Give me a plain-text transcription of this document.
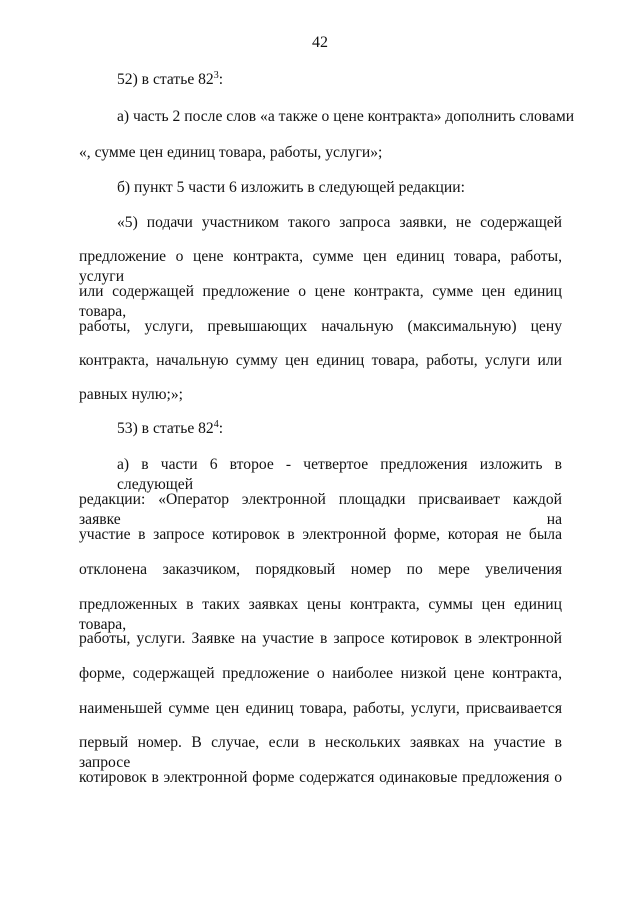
42
52) в статье $82^3$:
а) часть 2 после слов «а также о цене контракта» дополнить словами
«, сумме цен единиц товара, работы, услуги»;
б) пункт 5 части 6 изложить в следующей редакции:
«5) подачи участником такого запроса заявки, не содержащей
предложение о цене контракта, сумме цен единиц товара, работы, услуги
или содержащей предложение о цене контракта, сумме цен единиц товара,
работы, услуги, превышающих начальную (максимальную) цену
контракта, начальную сумму цен единиц товара, работы, услуги или
равных нулю;»;
53) в статье $82^4$:
а) в части 6 второе - четвертое предложения изложить в следующей
редакции: «Оператор электронной площадки присваивает каждой заявке на
участие в запросе котировок в электронной форме, которая не была
отклонена заказчиком, порядковый номер по мере увеличения
предложенных в таких заявках цены контракта, суммы цен единиц товара,
работы, услуги. Заявке на участие в запросе котировок в электронной
форме, содержащей предложение о наиболее низкой цене контракта,
наименьшей сумме цен единиц товара, работы, услуги, присваивается
первый номер. В случае, если в нескольких заявках на участие в запросе
котировок в электронной форме содержатся одинаковые предложения о
